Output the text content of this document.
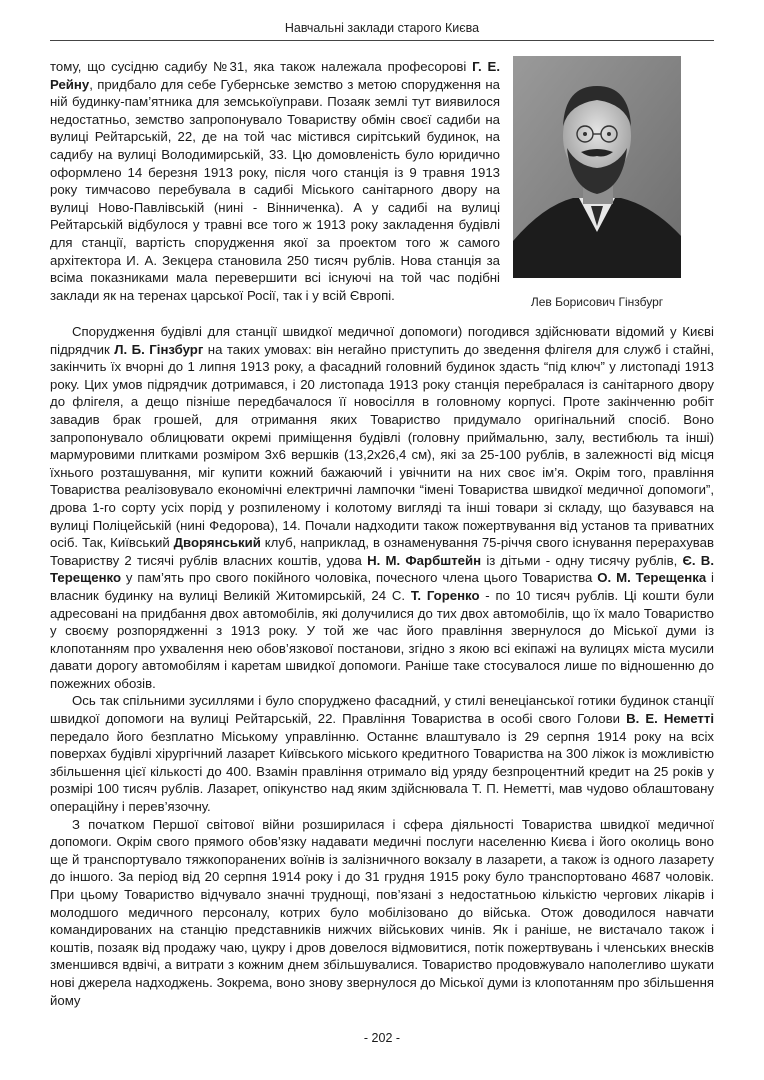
Навчальні заклади старого Києва
Лев Борисович Гінзбург

тому, що сусідню садибу №31, яка також належала професорові Г. Е. Рейну, придбало для себе Губернське земство з метою спорудження на ній будинку-пам’ятника для земськоїуправи. Позаяк землі тут виявилося недостатньо, земство запропонувало Товариству обмін своєї садиби на вулиці Рейтарській, 22, де на той час містився сирітський будинок, на садибу на вулиці Володимирській, 33. Цю домовленість було юридично оформлено 14 березня 1913 року, після чого станція із 9 травня 1913 року тимчасово перебувала в садибі Міського санітарного двору на вулиці Ново-Павлівській (нині - Вінниченка). А у садибі на вулиці Рейтарській відбулося у травні все того ж 1913 року закладення будівлі для станції, вартість спорудження якої за проектом того ж самого архітектора И. А. Зекцера становила 250 тисяч рублів. Нова станція за всіма показниками мала перевершити всі існуючі на той час подібні заклади як на теренах царської Росії, так і у всій Європі.

Спорудження будівлі для станції швидкої медичної допомоги) погодився здійснювати відомий у Києві підрядчик Л. Б. Гінзбург на таких умовах: він негайно приступить до зведення флігеля для служб і стайні, закінчить їх вчорні до 1 липня 1913 року, а фасадний головний будинок здасть “під ключ” у листопаді 1913 року. Цих умов підрядчик дотримався, і 20 листопада 1913 року станція перебралася із санітарного двору до флігеля, а дещо пізніше передбачалося її новосілля в головному корпусі. Проте закінченню робіт завадив брак грошей, для отримання яких Товариство придумало оригінальний спосіб. Воно запропонувало облицювати окремі приміщення будівлі (головну приймальню, залу, вестибюль та інші) мармуровими плитками розміром 3х6 вершків (13,2х26,4 см), які за 25-100 рублів, в залежності від місця їхнього розташування, міг купити кожний бажаючий і увічнити на них своє ім’я. Окрім того, правління Товариства реалізовувало економічні електричні лампочки “імені Товариства швидкої медичної допомоги”, дрова 1-го сорту усіх порід у розпиленому і колотому вигляді та інші товари зі складу, що базувався на вулиці Поліцейській (нині Федорова), 14. Почали надходити також пожертвування від установ та приватних осіб. Так, Київський Дворянський клуб, наприклад, в ознаменування 75-річчя свого існування перерахував Товариству 2 тисячі рублів власних коштів, удова Н. М. Фарбштейн із дітьми - одну тисячу рублів, Є. В. Терещенко у пам’ять про свого покійного чоловіка, почесного члена цього Товариства О. М. Терещенка і власник будинку на вулиці Великій Житомирській, 24 С. Т. Горенко - по 10 тисяч рублів. Ці кошти були адресовані на придбання двох автомобілів, які долучилися до тих двох автомобілів, що їх мало Товариство у своєму розпорядженні з 1913 року. У той же час його правління звернулося до Міської думи із клопотанням про ухвалення нею обов’язкової постанови, згідно з якою всі екіпажі на вулицях міста мусили давати дорогу автомобілям і каретам швидкої допомоги. Раніше таке стосувалося лише по відношенню до пожежних обозів.

Ось так спільними зусиллями і було споруджено фасадний, у стилі венеціанської готики будинок станції швидкої допомоги на вулиці Рейтарській, 22. Правління Товариства в особі свого Голови В. Е. Неметті передало його безплатно Міському управлінню. Останнє влаштувало із 29 серпня 1914 року на всіх поверхах будівлі хірургічний лазарет Київського міського кредитного Товариства на 300 ліжок із можливістю збільшення цієї кількості до 400. Взамін правління отримало від уряду безпроцентний кредит на 25 років у розмірі 100 тисяч рублів. Лазарет, опікунство над яким здійснювала Т. П. Неметті, мав чудово облаштовану операційну і перев’язочну.

З початком Першої світової війни розширилася і сфера діяльності Товариства швидкої медичної допомоги. Окрім свого прямого обов’язку надавати медичні послуги населенню Києва і його околиць воно ще й транспортувало тяжкопоранених воїнів із залізничного вокзалу в лазарети, а також із одного лазарету до іншого. За період від 20 серпня 1914 року і до 31 грудня 1915 року було транспортовано 4687 чоловік. При цьому Товариство відчувало значні труднощі, пов’язані з недостатньою кількістю чергових лікарів і молодшого медичного персоналу, котрих було мобілізовано до війська. Отож доводилося навчати командированих на станцію представників нижчих військових чинів. Як і раніше, не вистачало також і коштів, позаяк від продажу чаю, цукру і дров довелося відмовитися, потік пожертвувань і членських внесків зменшився вдвічі, а витрати з кожним днем збільшувалися. Товариство продовжувало наполегливо шукати нові джерела надходжень. Зокрема, воно знову звернулося до Міської думи із клопотанням про збільшення йому

- 202 -
